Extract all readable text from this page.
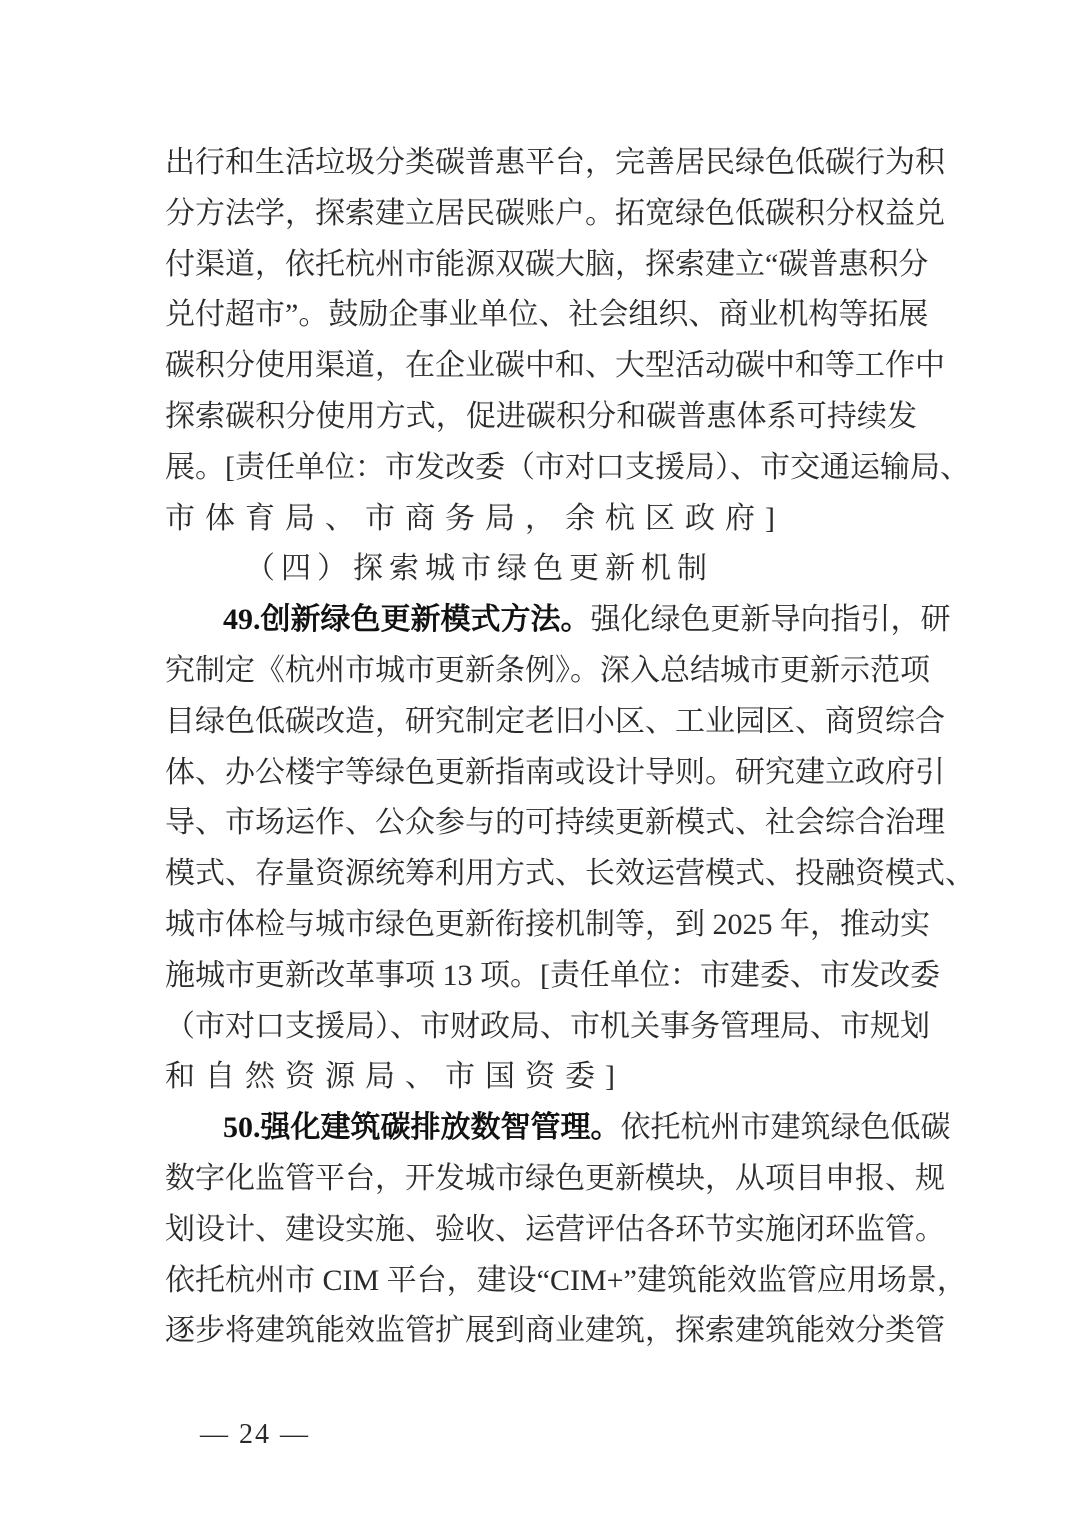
出行和生活垃圾分类碳普惠平台，完善居民绿色低碳行为积
分方法学，探索建立居民碳账户。拓宽绿色低碳积分权益兑
付渠道，依托杭州市能源双碳大脑，探索建立“碳普惠积分
兑付超市”。鼓励企事业单位、社会组织、商业机构等拓展
碳积分使用渠道，在企业碳中和、大型活动碳中和等工作中
探索碳积分使用方式，促进碳积分和碳普惠体系可持续发
展。[责任单位：市发改委（市对口支援局）、市交通运输局、
市体育局、市商务局，余杭区政府]
（四）探索城市绿色更新机制
49.创新绿色更新模式方法。强化绿色更新导向指引，研
究制定《杭州市城市更新条例》。深入总结城市更新示范项
目绿色低碳改造，研究制定老旧小区、工业园区、商贸综合
体、办公楼宇等绿色更新指南或设计导则。研究建立政府引
导、市场运作、公众参与的可持续更新模式、社会综合治理
模式、存量资源统筹利用方式、长效运营模式、投融资模式、
城市体检与城市绿色更新衔接机制等，到 2025 年，推动实
施城市更新改革事项 13 项。[责任单位：市建委、市发改委
（市对口支援局）、市财政局、市机关事务管理局、市规划
和自然资源局、市国资委]
50.强化建筑碳排放数智管理。依托杭州市建筑绿色低碳
数字化监管平台，开发城市绿色更新模块，从项目申报、规
划设计、建设实施、验收、运营评估各环节实施闭环监管。
依托杭州市 CIM 平台，建设“CIM+”建筑能效监管应用场景，
逐步将建筑能效监管扩展到商业建筑，探索建筑能效分类管
— 24 —
